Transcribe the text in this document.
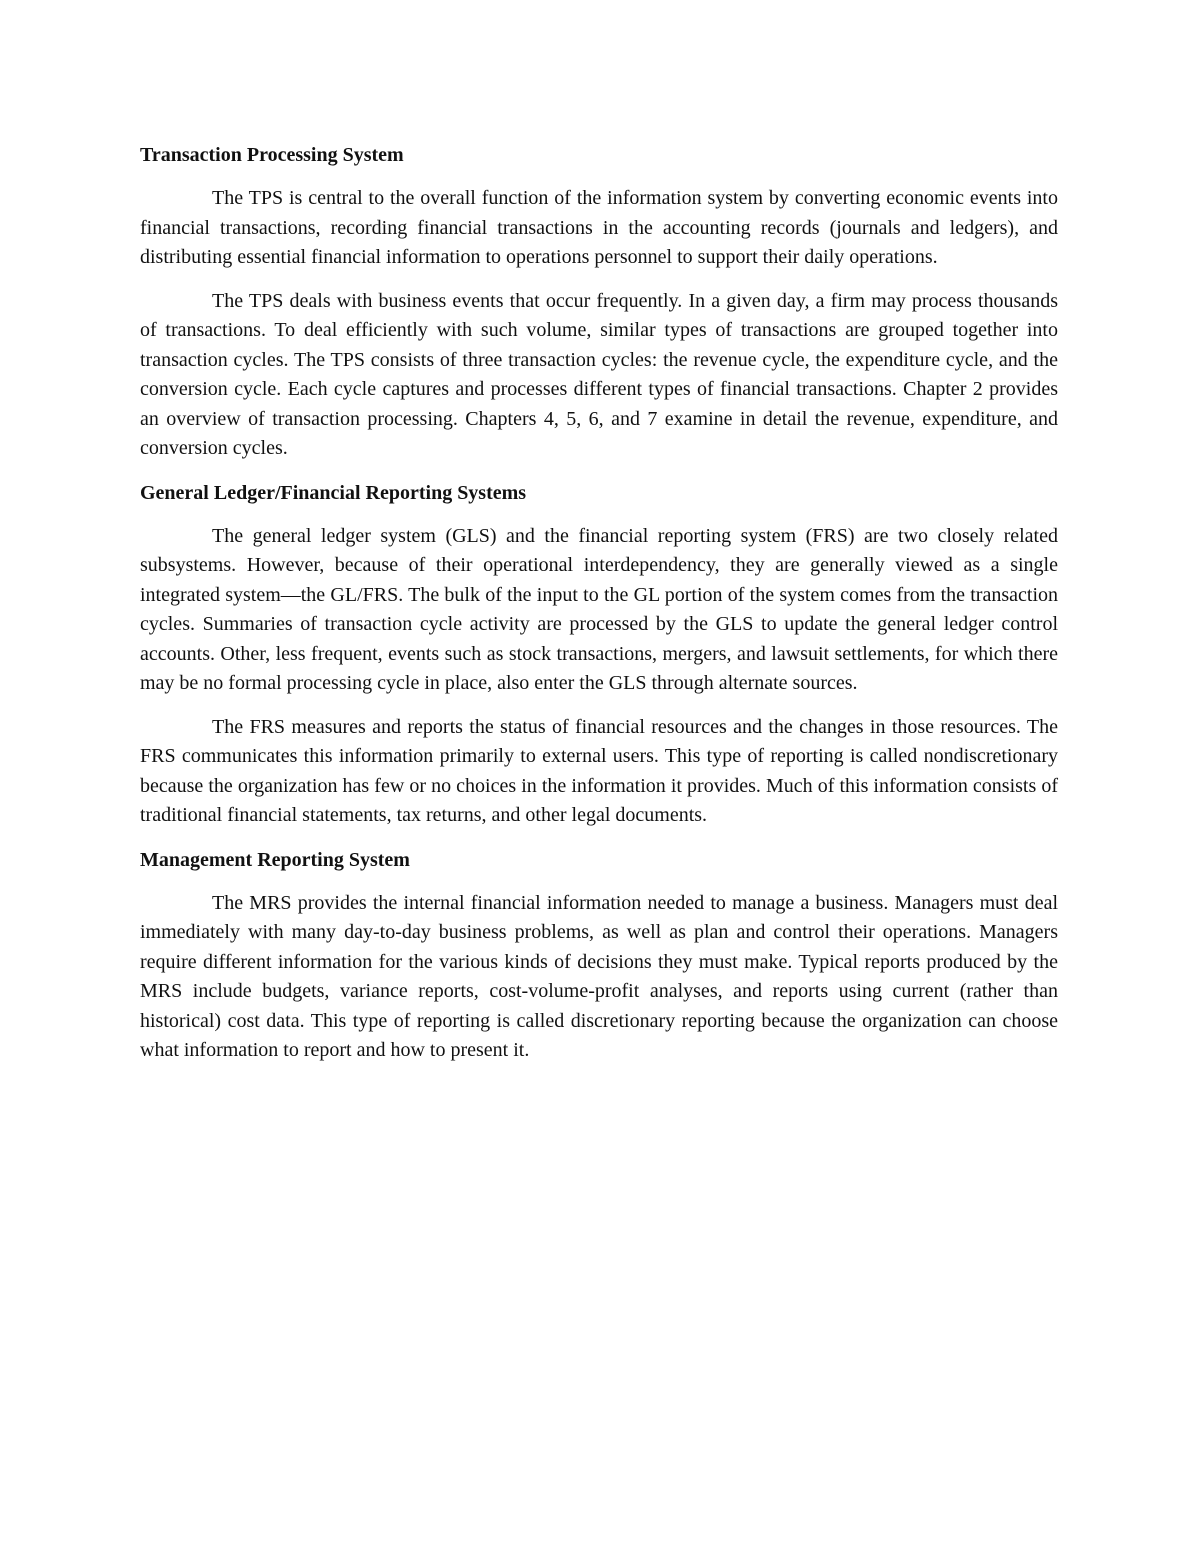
Transaction Processing System

The TPS is central to the overall function of the information system by converting economic events into financial transactions, recording financial transactions in the accounting records (journals and ledgers), and distributing essential financial information to operations personnel to support their daily operations.

The TPS deals with business events that occur frequently. In a given day, a firm may process thousands of transactions. To deal efficiently with such volume, similar types of transactions are grouped together into transaction cycles. The TPS consists of three transaction cycles: the revenue cycle, the expenditure cycle, and the conversion cycle. Each cycle captures and processes different types of financial transactions. Chapter 2 provides an overview of transaction processing. Chapters 4, 5, 6, and 7 examine in detail the revenue, expenditure, and conversion cycles.

General Ledger/Financial Reporting Systems

The general ledger system (GLS) and the financial reporting system (FRS) are two closely related subsystems. However, because of their operational interdependency, they are generally viewed as a single integrated system—the GL/FRS. The bulk of the input to the GL portion of the system comes from the transaction cycles. Summaries of transaction cycle activity are processed by the GLS to update the general ledger control accounts. Other, less frequent, events such as stock transactions, mergers, and lawsuit settlements, for which there may be no formal processing cycle in place, also enter the GLS through alternate sources.

The FRS measures and reports the status of financial resources and the changes in those resources. The FRS communicates this information primarily to external users. This type of reporting is called nondiscretionary because the organization has few or no choices in the information it provides. Much of this information consists of traditional financial statements, tax returns, and other legal documents.

Management Reporting System

The MRS provides the internal financial information needed to manage a business. Managers must deal immediately with many day-to-day business problems, as well as plan and control their operations. Managers require different information for the various kinds of decisions they must make. Typical reports produced by the MRS include budgets, variance reports, cost-volume-profit analyses, and reports using current (rather than historical) cost data. This type of reporting is called discretionary reporting because the organization can choose what information to report and how to present it.
